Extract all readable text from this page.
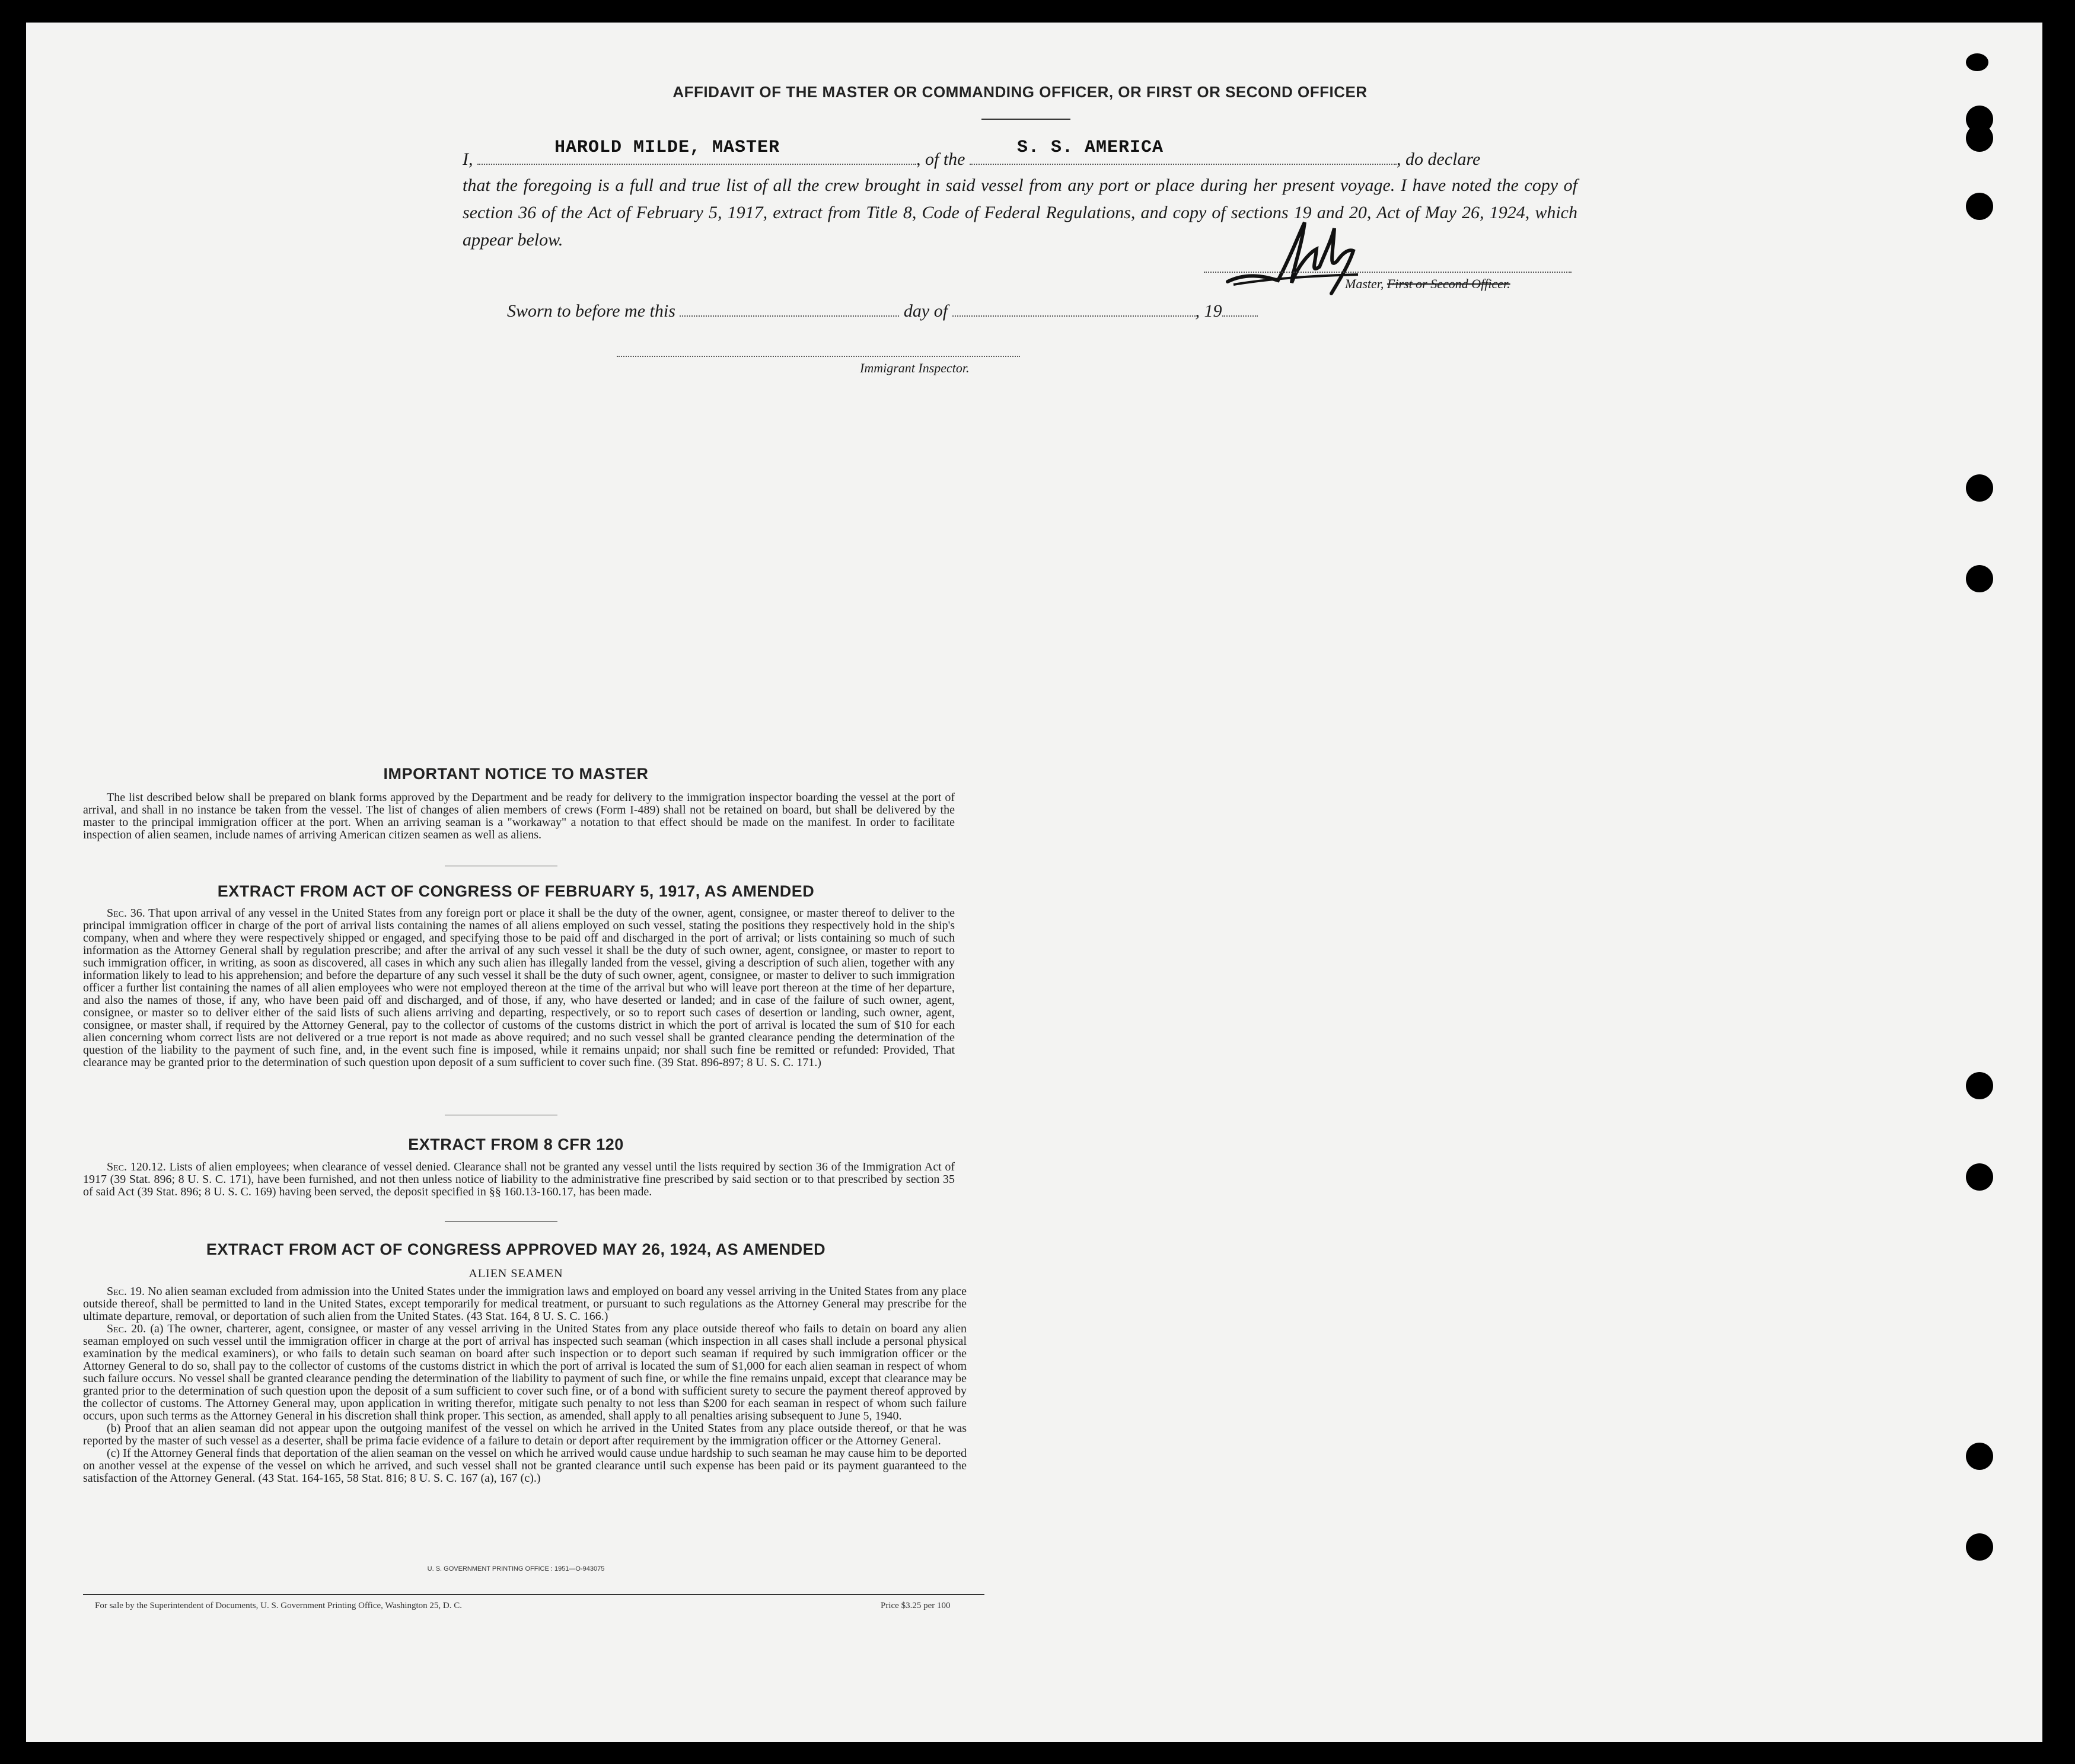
AFFIDAVIT OF THE MASTER OR COMMANDING OFFICER, OR FIRST OR SECOND OFFICER
I,
HAROLD MILDE, MASTER
, of the
S. S. AMERICA
, do declare
that the foregoing is a full and true list of all the crew brought in said vessel from any port or place during her present voyage. I have noted the copy of section 36 of the Act of February 5, 1917, extract from Title 8, Code of Federal Regulations, and copy of sections 19 and 20, Act of May 26, 1924, which appear below.
Master, First or Second Officer.
Sworn to before me this	day of	, 19
Immigrant Inspector.
IMPORTANT NOTICE TO MASTER

The list described below shall be prepared on blank forms approved by the Department and be ready for delivery to the immigration inspector boarding the vessel at the port of arrival, and shall in no instance be taken from the vessel. The list of changes of alien members of crews (Form I-489) shall not be retained on board, but shall be delivered by the master to the principal immigration officer at the port. When an arriving seaman is a "workaway" a notation to that effect should be made on the manifest. In order to facilitate inspection of alien seamen, include names of arriving American citizen seamen as well as aliens.

EXTRACT FROM ACT OF CONGRESS OF FEBRUARY 5, 1917, AS AMENDED

Sec. 36. That upon arrival of any vessel in the United States from any foreign port or place it shall be the duty of the owner, agent, consignee, or master thereof to deliver to the principal immigration officer in charge of the port of arrival lists containing the names of all aliens employed on such vessel, stating the positions they respectively hold in the ship's company, when and where they were respectively shipped or engaged, and specifying those to be paid off and discharged in the port of arrival; or lists containing so much of such information as the Attorney General shall by regulation prescribe; and after the arrival of any such vessel it shall be the duty of such owner, agent, consignee, or master to report to such immigration officer, in writing, as soon as discovered, all cases in which any such alien has illegally landed from the vessel, giving a description of such alien, together with any information likely to lead to his apprehension; and before the departure of any such vessel it shall be the duty of such owner, agent, consignee, or master to deliver to such immigration officer a further list containing the names of all alien employees who were not employed thereon at the time of the arrival but who will leave port thereon at the time of her departure, and also the names of those, if any, who have been paid off and discharged, and of those, if any, who have deserted or landed; and in case of the failure of such owner, agent, consignee, or master so to deliver either of the said lists of such aliens arriving and departing, respectively, or so to report such cases of desertion or landing, such owner, agent, consignee, or master shall, if required by the Attorney General, pay to the collector of customs of the customs district in which the port of arrival is located the sum of $10 for each alien concerning whom correct lists are not delivered or a true report is not made as above required; and no such vessel shall be granted clearance pending the determination of the question of the liability to the payment of such fine, and, in the event such fine is imposed, while it remains unpaid; nor shall such fine be remitted or refunded: Provided, That clearance may be granted prior to the determination of such question upon deposit of a sum sufficient to cover such fine. (39 Stat. 896-897; 8 U. S. C. 171.)

EXTRACT FROM 8 CFR 120

Sec. 120.12. Lists of alien employees; when clearance of vessel denied. Clearance shall not be granted any vessel until the lists required by section 36 of the Immigration Act of 1917 (39 Stat. 896; 8 U. S. C. 171), have been furnished, and not then unless notice of liability to the administrative fine prescribed by said section or to that prescribed by section 35 of said Act (39 Stat. 896; 8 U. S. C. 169) having been served, the deposit specified in §§ 160.13-160.17, has been made.

EXTRACT FROM ACT OF CONGRESS APPROVED MAY 26, 1924, AS AMENDED
ALIEN SEAMEN

Sec. 19. No alien seaman excluded from admission into the United States under the immigration laws and employed on board any vessel arriving in the United States from any place outside thereof, shall be permitted to land in the United States, except temporarily for medical treatment, or pursuant to such regulations as the Attorney General may prescribe for the ultimate departure, removal, or deportation of such alien from the United States. (43 Stat. 164, 8 U. S. C. 166.)

Sec. 20. (a) The owner, charterer, agent, consignee, or master of any vessel arriving in the United States from any place outside thereof who fails to detain on board any alien seaman employed on such vessel until the immigration officer in charge at the port of arrival has inspected such seaman (which inspection in all cases shall include a personal physical examination by the medical examiners), or who fails to detain such seaman on board after such inspection or to deport such seaman if required by such immigration officer or the Attorney General to do so, shall pay to the collector of customs of the customs district in which the port of arrival is located the sum of $1,000 for each alien seaman in respect of whom such failure occurs. No vessel shall be granted clearance pending the determination of the liability to payment of such fine, or while the fine remains unpaid, except that clearance may be granted prior to the determination of such question upon the deposit of a sum sufficient to cover such fine, or of a bond with sufficient surety to secure the payment thereof approved by the collector of customs. The Attorney General may, upon application in writing therefor, mitigate such penalty to not less than $200 for each seaman in respect of whom such failure occurs, upon such terms as the Attorney General in his discretion shall think proper. This section, as amended, shall apply to all penalties arising subsequent to June 5, 1940.

(b) Proof that an alien seaman did not appear upon the outgoing manifest of the vessel on which he arrived in the United States from any place outside thereof, or that he was reported by the master of such vessel as a deserter, shall be prima facie evidence of a failure to detain or deport after requirement by the immigration officer or the Attorney General.

(c) If the Attorney General finds that deportation of the alien seaman on the vessel on which he arrived would cause undue hardship to such seaman he may cause him to be deported on another vessel at the expense of the vessel on which he arrived, and such vessel shall not be granted clearance until such expense has been paid or its payment guaranteed to the satisfaction of the Attorney General. (43 Stat. 164-165, 58 Stat. 816; 8 U. S. C. 167 (a), 167 (c).)

U. S. GOVERNMENT PRINTING OFFICE : 1951—O-943075
For sale by the Superintendent of Documents, U. S. Government Printing Office, Washington 25, D. C.	Price $3.25 per 100
